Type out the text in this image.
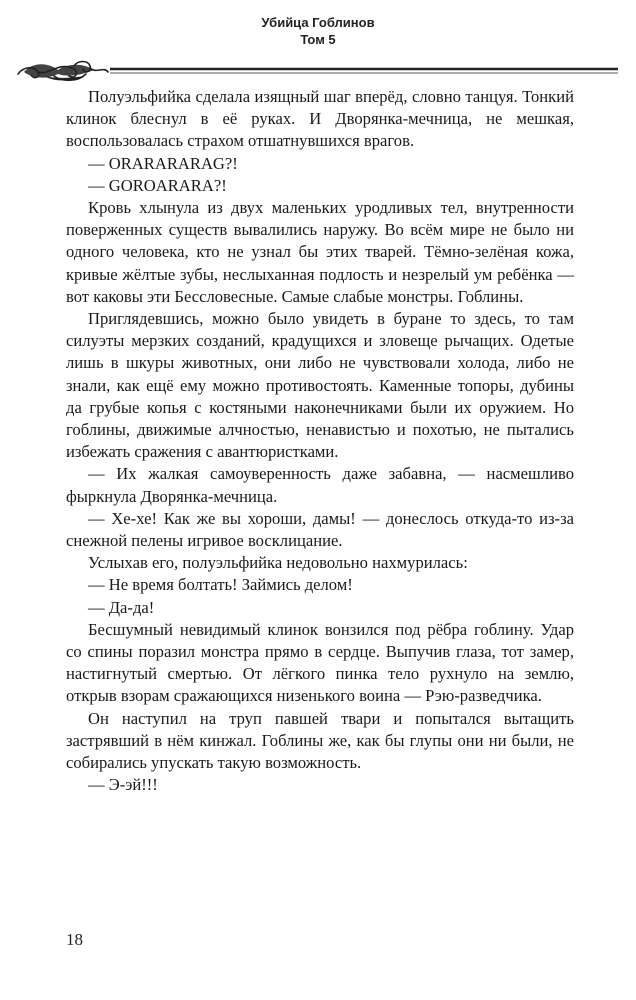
Убийца Гоблинов
Том 5

Полуэльфийка сделала изящный шаг вперёд, словно танцуя. Тонкий клинок блеснул в её руках. И Дворянка-мечница, не мешкая, воспользовалась страхом отшатнувшихся врагов.

— ORARARARAG?!

— GOROARARA?!

Кровь хлынула из двух маленьких уродливых тел, внутренности поверженных существ вывалились наружу. Во всём мире не было ни одного человека, кто не узнал бы этих тварей. Тёмно-зелёная кожа, кривые жёлтые зубы, неслыханная подлость и незрелый ум ребёнка — вот каковы эти Бессловесные. Самые слабые монстры. Гоблины.

Приглядевшись, можно было увидеть в буране то здесь, то там силуэты мерзких созданий, крадущихся и зловеще рычащих. Одетые лишь в шкуры животных, они либо не чувствовали холода, либо не знали, как ещё ему можно противостоять. Каменные топоры, дубины да грубые копья с костяными наконечниками были их оружием. Но гоблины, движимые алчностью, ненавистью и похотью, не пытались избежать сражения с авантюристками.

— Их жалкая самоуверенность даже забавна, — насмешливо фыркнула Дворянка-мечница.

— Хе-хе! Как же вы хороши, дамы! — донеслось откуда-то из-за снежной пелены игривое восклицание.

Услыхав его, полуэльфийка недовольно нахмурилась:

— Не время болтать! Займись делом!

— Да-да!

Бесшумный невидимый клинок вонзился под рёбра гоблину. Удар со спины поразил монстра прямо в сердце. Выпучив глаза, тот замер, настигнутый смертью. От лёгкого пинка тело рухнуло на землю, открыв взорам сражающихся низенького воина — Рэю-разведчика.

Он наступил на труп павшей твари и попытался вытащить застрявший в нём кинжал. Гоблины же, как бы глупы они ни были, не собирались упускать такую возможность.

— Э-эй!!!

18
